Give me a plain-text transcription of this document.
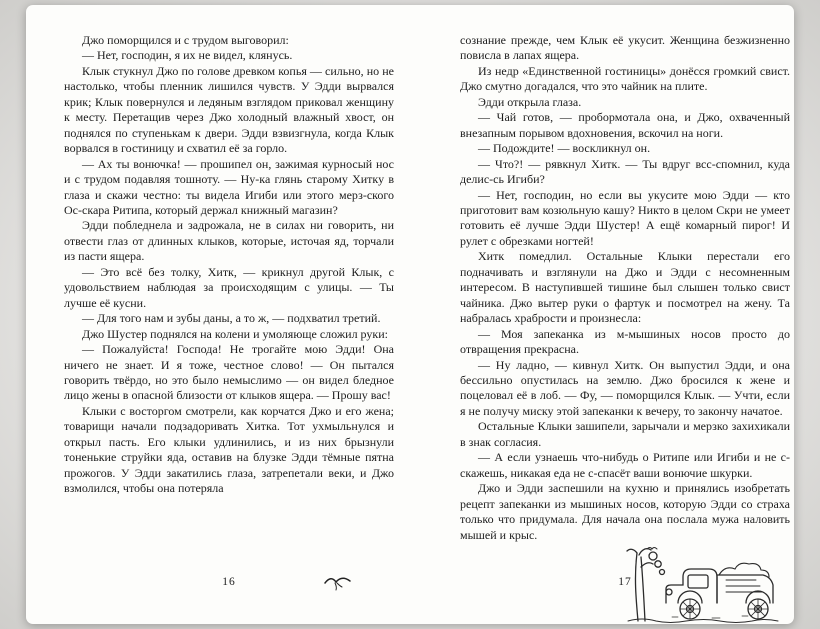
Джо поморщился и с трудом выговорил:

— Нет, господин, я их не видел, клянусь.

Клык стукнул Джо по голове древком копья — сильно, но не настолько, чтобы пленник лишился чувств. У Эдди вырвался крик; Клык повернулся и ледяным взглядом приковал женщину к месту. Перетащив через Джо холодный влажный хвост, он поднялся по ступенькам к двери. Эдди взвизгнула, когда Клык ворвался в гостиницу и схватил её за горло.

— Ах ты вонючка! — прошипел он, зажимая курносый нос и с трудом подавляя тошноту. — Ну-ка глянь старому Хитку в глаза и скажи честно: ты видела Игиби или этого мерз-ского Ос-скара Ритипа, который держал книжный магазин?

Эдди побледнела и задрожала, не в силах ни говорить, ни отвести глаз от длинных клыков, которые, источая яд, торчали из пасти ящера.

— Это всё без толку, Хитк, — крикнул другой Клык, с удовольствием наблюдая за происходящим с улицы. — Ты лучше её кусни.

— Для того нам и зубы даны, а то ж, — подхватил третий.

Джо Шустер поднялся на колени и умоляюще сложил руки:

— Пожалуйста! Господа! Не трогайте мою Эдди! Она ничего не знает. И я тоже, честное слово! — Он пытался говорить твёрдо, но это было немыслимо — он видел бледное лицо жены в опасной близости от клыков ящера. — Прошу вас!

Клыки с восторгом смотрели, как корчатся Джо и его жена; товарищи начали подзадоривать Хитка. Тот ухмыльнулся и открыл пасть. Его клыки удлинились, и из них брызнули тоненькие струйки яда, оставив на блузке Эдди тёмные пятна прожогов. У Эдди закатились глаза, затрепетали веки, и Джо взмолился, чтобы она потеряла

сознание прежде, чем Клык её укусит. Женщина безжизненно повисла в лапах ящера.

Из недр «Единственной гостиницы» донёсся громкий свист. Джо смутно догадался, что это чайник на плите.

Эдди открыла глаза.

— Чай готов, — пробормотала она, и Джо, охваченный внезапным порывом вдохновения, вскочил на ноги.

— Подождите! — воскликнул он.

— Что?! — рявкнул Хитк. — Ты вдруг всс-спомнил, куда делис-сь Игиби?

— Нет, господин, но если вы укусите мою Эдди — кто приготовит вам козюльную кашу? Никто в целом Скри не умеет готовить её лучше Эдди Шустер! А ещё комарный пирог! И рулет с обрезками ногтей!

Хитк помедлил. Остальные Клыки перестали его подначивать и взглянули на Джо и Эдди с несомненным интересом. В наступившей тишине был слышен только свист чайника. Джо вытер руки о фартук и посмотрел на жену. Та набралась храбрости и произнесла:

— Моя запеканка из м-мышиных носов просто до отвращения прекрасна.

— Ну ладно, — кивнул Хитк. Он выпустил Эдди, и она бессильно опустилась на землю. Джо бросился к жене и поцеловал её в лоб. — Фу, — поморщился Клык. — Учти, если я не получу миску этой запеканки к вечеру, то закончу начатое.

Остальные Клыки зашипели, зарычали и мерзко захихикали в знак согласия.

— А если узнаешь что-нибудь о Ритипе или Игиби и не с-скажешь, никакая еда не с-спасёт ваши вонючие шкурки.

Джо и Эдди заспешили на кухню и принялись изобретать рецепт запеканки из мышиных носов, которую Эдди со страха только что придумала. Для начала она послала мужа наловить мышей и крыс.

16	17
